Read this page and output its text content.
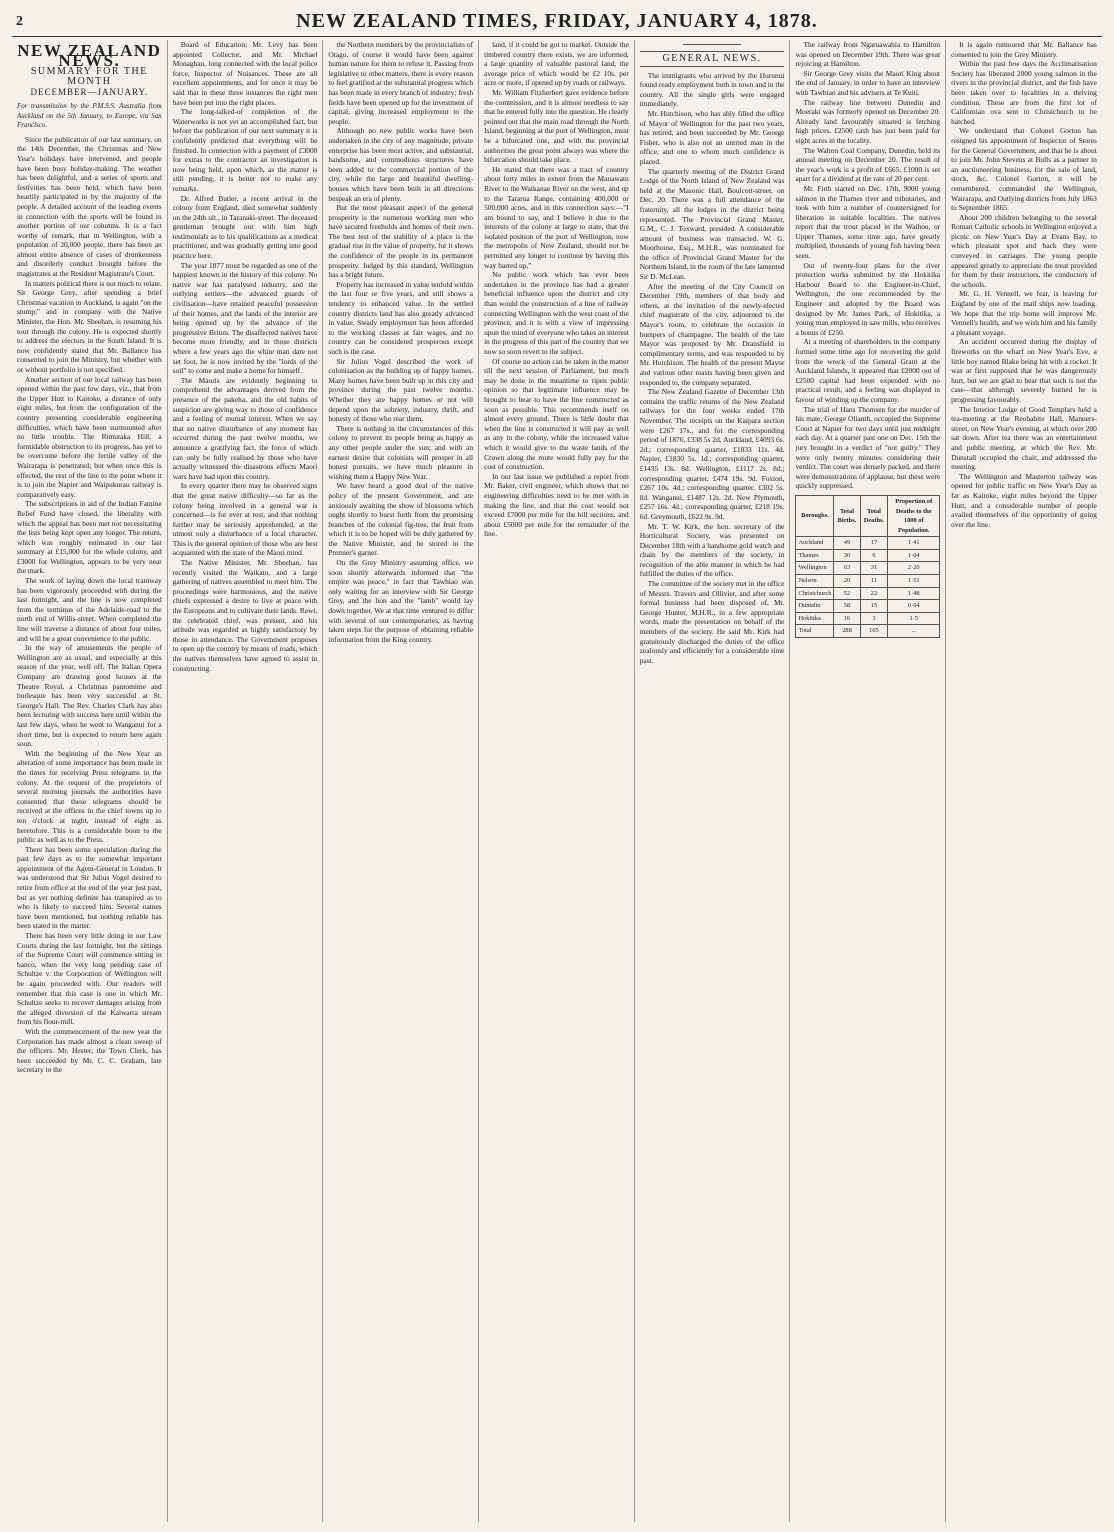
2	NEW ZEALAND TIMES, FRIDAY, JANUARY 4, 1878.
NEW ZEALAND NEWS.
SUMMARY FOR THE MONTH
DECEMBER—JANUARY.

For transmission by the P.M.S.S. Australia from Auckland on the 5th January, to Europe, via San Francisco.

Since the publication of our last summary, on the 14th December, the Christmas and New Year's holidays have intervened, and people have been busy holiday-making. The weather has been delightful, and a series of sports and festivities has been held, which have been heartily participated in by the majority of the people. A detailed account of the leading events in connection with the sports will be found in another portion of our columns. It is a fact worthy of remark, that in Wellington, with a population of 20,000 people, there has been an almost entire absence of cases of drunkenness and disorderly conduct brought before the magistrates at the Resident Magistrate's Court.

In matters political there is not much to relate. Sir George Grey, after spending a brief Christmas vacation in Auckland, is again "on the stump," and in company with the Native Minister, the Hon. Mr. Sheehan, is resuming his tour through the colony. He is expected shortly to address the electors in the South Island. It is now confidently stated that Mr. Ballance has consented to join the Ministry, but whether with or without portfolio is not specified.

Another section of our local railway has been opened within the past few days, viz., that from the Upper Hutt to Kaitoke, a distance of only eight miles, but from the configuration of the country presenting considerable engineering difficulties, which have been surmounted after no little trouble. The Rimutaka Hill, a formidable obstruction to its progress, has yet to be overcome before the fertile valley of the Wairarapa is penetrated; but when once this is effected, the rest of the line to the point where it is to join the Napier and Waipukurau railway is comparatively easy.

The subscriptions in aid of the Indian Famine Relief Fund have closed, the liberality with which the appeal has been met not necessitating the lists being kept open any longer. The return, which was roughly estimated in our last summary at £15,000 for the whole colony, and £3000 for Wellington, appears to be very near the mark.

The work of laying down the local tramway has been vigorously proceeded with during the last fortnight, and the line is now completed from the terminus of the Adelaide-road to the north end of Willis-street. When completed the line will traverse a distance of about four miles, and will be a great convenience to the public.

In the way of amusements the people of Wellington are as usual, and especially at this season of the year, well off. The Italian Opera Company are drawing good houses at the Theatre Royal, a Christmas pantomime and burlesque has been very successful at St. George's Hall. The Rev. Charles Clark has also been lecturing with success here until within the last few days, when he went to Wanganui for a short time, but is expected to return here again soon.

With the beginning of the New Year an alteration of some importance has been made in the times for receiving Press telegrams in the colony. At the request of the proprietors of several morning journals the authorities have consented that these telegrams should be received at the offices in the chief towns up to ten o'clock at night, instead of eight as heretofore. This is a considerable boon to the public as well as to the Press.

There has been some speculation during the past few days as to the somewhat important appointment of the Agent-General in London. It was understood that Sir Julius Vogel desired to retire from office at the end of the year just past, but as yet nothing definite has transpired as to who is likely to succeed him. Several names have been mentioned, but nothing reliable has been stated in the matter.

There has been very little doing in our Law Courts during the last fortnight, but the sittings of the Supreme Court will commence sitting in banco, when the very long pending case of Schultze v. the Corporation of Wellington will be again proceeded with. Our readers will remember that this case is one in which Mr. Schultze seeks to recover damages arising from the alleged diversion of the Kaiwarra stream from his flour-mill.

With the commencement of the new year the Corporation has made almost a clean sweep of the officers. Mr. Hester, the Town Clerk, has been succeeded by Mr. C. C. Graham, late secretary to the

Board of Education; Mr. Levy has been appointed Collector, and Mr. Michael Monaghan, long connected with the local police force, Inspector of Nuisances. These are all excellent appointments, and for once it may be said that in these three instances the right men have been put into the right places.

The long-talked-of completion of the Waterworks is not yet an accomplished fact, but before the publication of our next summary it is confidently predicted that everything will be finished. In connection with a payment of £3000 for extras to the contractor an investigation is now being held, upon which, as the matter is still pending, it is better not to make any remarks.

Dr. Alfred Butler, a recent arrival in the colony from England, died somewhat suddenly on the 24th ult., in Taranaki-street. The deceased gentleman brought out with him high testimonials as to his qualifications as a medical practitioner, and was gradually getting into good practice here.

The year 1877 must be regarded as one of the happiest known in the history of this colony. No native war has paralysed industry, and the outlying settlers—the advanced guards of civilisation—have retained peaceful possession of their homes, and the lands of the interior are being opened up by the advance of the progressive Briton. The disaffected natives have become more friendly, and in those districts where a few years ago the white man dare not set foot, he is now invited by the "lords of the soil" to come and make a home for himself.

The Maoris are evidently beginning to comprehend the advantages derived from the presence of the pakeha, and the old habits of suspicion are giving way to those of confidence and a feeling of mutual interest. When we say that no native disturbance of any moment has occurred during the past twelve months, we announce a gratifying fact, the force of which can only be fully realised by those who have actually witnessed the disastrous effects Maori wars have had upon this country.

In every quarter there may be observed signs that the great native difficulty—so far as the colony being involved in a general war is concerned—is for ever at rest, and that nothing further may be seriously apprehended, at the utmost only a disturbance of a local character. This is the general opinion of those who are best acquainted with the state of the Maori mind.

The Native Minister, Mr. Sheehan, has recently visited the Waikato, and a large gathering of natives assembled to meet him. The proceedings were harmonious, and the native chiefs expressed a desire to live at peace with the Europeans and to cultivate their lands. Rewi, the celebrated chief, was present, and his attitude was regarded as highly satisfactory by those in attendance. The Government proposes to open up the country by means of roads, which the natives themselves have agreed to assist in constructing.

the Northern members by the provincialists of Otago, of course it would have been against human nature for them to refuse it. Passing from legislative to other matters, there is every reason to feel gratified at the substantial progress which has been made in every branch of industry; fresh fields have been opened up for the investment of capital, giving increased employment to the people.

Although no new public works have been undertaken in the city of any magnitude, private enterprise has been most active, and substantial, handsome, and commodious structures have been added to the commercial portion of the city, while the large and beautiful dwelling-houses which have been built in all directions bespeak an era of plenty.

But the most pleasant aspect of the general prosperity is the numerous working men who have secured freeholds and homes of their own. The best test of the stability of a place is the gradual rise in the value of property, for it shows the confidence of the people in its permanent prosperity. Judged by this standard, Wellington has a bright future.

Property has increased in value tenfold within the last four or five years, and still shows a tendency to enhanced value. In the settled country districts land has also greatly advanced in value. Steady employment has been afforded to the working classes at fair wages, and no country can be considered prosperous except such is the case.

Sir Julius Vogel described the work of colonisation as the building up of happy homes. Many homes have been built up in this city and province during the past twelve months. Whether they are happy homes or not will depend upon the sobriety, industry, thrift, and honesty of those who rear them.

There is nothing in the circumstances of this colony to prevent its people being as happy as any other people under the sun; and with an earnest desire that colonists will prosper in all honest pursuits, we have much pleasure in wishing them a Happy New Year.

We have heard a good deal of the native policy of the present Government, and are anxiously awaiting the show of blossoms which ought shortly to burst forth from the promising branches of the colonial fig-tree, the fruit from which it is to be hoped will be duly gathered by the Native Minister, and be stored in the Premier's garner.

On the Grey Ministry assuming office, we soon shortly afterwards informed that "the empire was peace," in fact that Tawhiao was only waiting for an interview with Sir George Grey, and the lion and the "lamb" would lay down together. We at that time ventured to differ with several of our contemporaries, as having taken steps for the purpose of obtaining reliable information from the King country.

land, if it could be got to market. Outside the timbered country there exists, we are informed, a large quantity of valuable pastoral land, the average price of which would be £2 10s. per acre or more, if opened up by roads or railways.

Mr. William Fitzherbert gave evidence before the commission, and it is almost needless to say that he entered fully into the question. He clearly pointed out that the main road through the North Island, beginning at the port of Wellington, must be a bifurcated one, and with the provincial authorities the great point always was where the bifurcation should take place.

He stated that there was a tract of country about forty miles in extent from the Manawatu River to the Waikanae River on the west, and up to the Tararua Range, containing 400,000 or 500,000 acres, and in this connection says:—"I am bound to say, and I believe it due to the interests of the colony at large to state, that the isolated position of the port of Wellington, now the metropolis of New Zealand, should not be permitted any longer to continue by having this way barred up."

No public work which has ever been undertaken in the province has had a greater beneficial influence upon the district and city than would the construction of a line of railway connecting Wellington with the west coast of the province, and it is with a view of impressing upon the mind of everyone who takes an interest in the progress of this part of the country that we now so soon revert to the subject.

Of course no action can be taken in the matter till the next session of Parliament, but much may be done in the meantime to ripen public opinion so that legitimate influence may be brought to bear to have the line constructed as soon as possible. This recommends itself on almost every ground. There is little doubt that when the line is constructed it will pay as well as any in the colony, while the increased value which it would give to the waste lands of the Crown along the route would fully pay for the cost of construction.

In our last issue we published a report from Mr. Baker, civil engineer, which shows that no engineering difficulties need to be met with in making the line, and that the cost would not exceed £7000 per mile for the hill sections, and about £5000 per mile for the remainder of the line.

GENERAL NEWS.

The immigrants who arrived by the Hurunui found ready employment both in town and in the country. All the single girls were engaged immediately.

Mr. Hutchison, who has ably filled the office of Mayor of Wellington for the past two years, has retired, and been succeeded by Mr. George Fisher, who is also not an untried man in the office, and one to whom much confidence is placed.

The quarterly meeting of the District Grand Lodge of the North Island of New Zealand was held at the Masonic Hall, Boulcott-street, on Dec. 20. There was a full attendance of the fraternity, all the lodges in the district being represented. The Provincial Grand Master, G.M., C. J. Toxward, presided. A considerable amount of business was transacted. W. G. Moorhouse, Esq., M.H.R., was nominated for the office of Provincial Grand Master for the Northern Island, in the room of the late lamented Sir D. McLean.

After the meeting of the City Council on December 19th, members of that body and others, at the invitation of the newly-elected chief magistrate of the city, adjourned to the Mayor's room, to celebrate the occasion in bumpers of champagne. The health of the late Mayor was proposed by Mr. Dransfield in complimentary terms, and was responded to by Mr. Hutchison. The health of the present Mayor and various other toasts having been given and responded to, the company separated.

The New Zealand Gazette of December 13th contains the traffic returns of the New Zealand railways for the four weeks ended 17th November. The receipts on the Kaipara section were £267 17s., and for the corresponding period of 1876, £338 5s 2d. Auckland, £4093 6s. 2d.; corresponding quarter, £1833 11s. 4d. Napier, £1830 5s. 1d.; corresponding quarter, £1435 13s. 8d. Wellington, £1117 2s. 8d.; corresponding quarter, £474 19s. 9d. Foxton, £267 10s. 4d.; corresponding quarter, £302 5s. 8d. Wanganui, £1487 12s. 2d. New Plymouth, £257 16s. 4d.; corresponding quarter, £218 19s. 6d. Greymouth, £622 9s. 9d.

Mr. T. W. Kirk, the hon. secretary of the Horticultural Society, was presented on December 18th with a handsome gold watch and chain by the members of the society, in recognition of the able manner in which he had fulfilled the duties of the office.

The committee of the society met in the office of Messrs. Travers and Ollivier, and after some formal business had been disposed of, Mr. George Hunter, M.H.R., in a few appropriate words, made the presentation on behalf of the members of the society. He said Mr. Kirk had gratuitously discharged the duties of the office zealously and efficiently for a considerable time past.

The railway from Ngaruawahia to Hamilton was opened on December 19th. There was great rejoicing at Hamilton.

Sir George Grey visits the Maori King about the end of January, in order to have an interview with Tawhiao and his advisers at Te Kuiti.

The railway line between Dunedin and Moeraki was formerly opened on December 20. Already land favourably situated is fetching high prices. £2500 cash has just been paid for eight acres in the locality.

The Walton Coal Company, Dunedin, held its annual meeting on December 20. The result of the year's work is a profit of £665. £1000 is set apart for a dividend at the rate of 20 per cent.

Mr. Firth started on Dec. 17th, 9000 young salmon in the Thames river and tributaries, and took with him a number of countersigned for liberation in suitable localities. The natives report that the trout placed in the Waihou, or Upper Thames, some time ago, have greatly multiplied, thousands of young fish having been seen.

Out of twenty-four plans for the river protection works submitted by the Hokitika Harbour Board to the Engineer-in-Chief, Wellington, the one recommended by the Engineer and adopted by the Board was designed by Mr. James Park, of Hokitika, a young man employed in saw mills, who receives a bonus of £250.

At a meeting of shareholders in the company formed some time ago for recovering the gold from the wreck of the General Grant at the Auckland Islands, it appeared that £2000 out of £2500 capital had been expended with no practical result, and a feeling was displayed in favour of winding up the company.

The trial of Hans Thomsen for the murder of his mate, George Olianth, occupied the Supreme Court at Napier for two days until just midnight each day. At a quarter past one on Dec. 15th the jury brought in a verdict of "not guilty." They were only twenty minutes considering their verdict. The court was densely packed, and there were demonstrations of applause, but these were quickly suppressed.

Boroughs.	Total Births.	Total Deaths.	Proportion of Deaths to the 1000 of Population.
Auckland	49	17	1·41
Thames	30	6	1·04
Wellington	63	31	2·20
Nelson	20	11	1·51
Christchurch	52	22	1·48
Dunedin	58	15	0·64
Hokitika	16	3	1·5
Total	288	105	...

It is again rumoured that Mr. Ballance has consented to join the Grey Ministry.

Within the past few days the Acclimatisation Society has liberated 2000 young salmon in the rivers in the provincial district, and the fish have been taken over to localities in a thriving condition. These are from the first lot of Californian ova sent to Christchurch to be hatched.

We understand that Colonel Gorton has resigned his appointment of Inspector of Stores for the General Government, and that he is about to join Mr. John Stevens at Bulls as a partner in an auctioneering business, for the sale of land, stock, &c. Colonel Gorton, it will be remembered, commanded the Wellington, Wairarapa, and Outlying districts from July 1863 to September 1865.

About 200 children belonging to the several Roman Catholic schools in Wellington enjoyed a picnic on New Year's Day at Evans Bay, to which pleasant spot and back they were conveyed in carriages. The young people appeared greatly to appreciate the treat provided for them by their instructors, the conductors of the schools.

Mr. G. H. Vennell, we fear, is leaving for England by one of the mail ships now loading. We hope that the trip home will improve Mr. Vennell's health, and we wish him and his family a pleasant voyage.

An accident occurred during the display of fireworks on the wharf on New Year's Eve, a little boy named Blake being hit with a rocket. It was at first supposed that he was dangerously hurt, but we are glad to hear that such is not the case—that although severely burned he is progressing favourably.

The Interior Lodge of Good Templars held a tea-meeting at the Reobabite Hall, Manners-street, on New Year's evening, at which over 200 sat down. After tea there was an entertainment and public meeting, at which the Rev. Mr. Dunstall occupied the chair, and addressed the meeting.

The Wellington and Masterton railway was opened for public traffic on New Year's Day as far as Kaitoke, eight miles beyond the Upper Hutt, and a considerable number of people availed themselves of the opportunity of going over the line.
